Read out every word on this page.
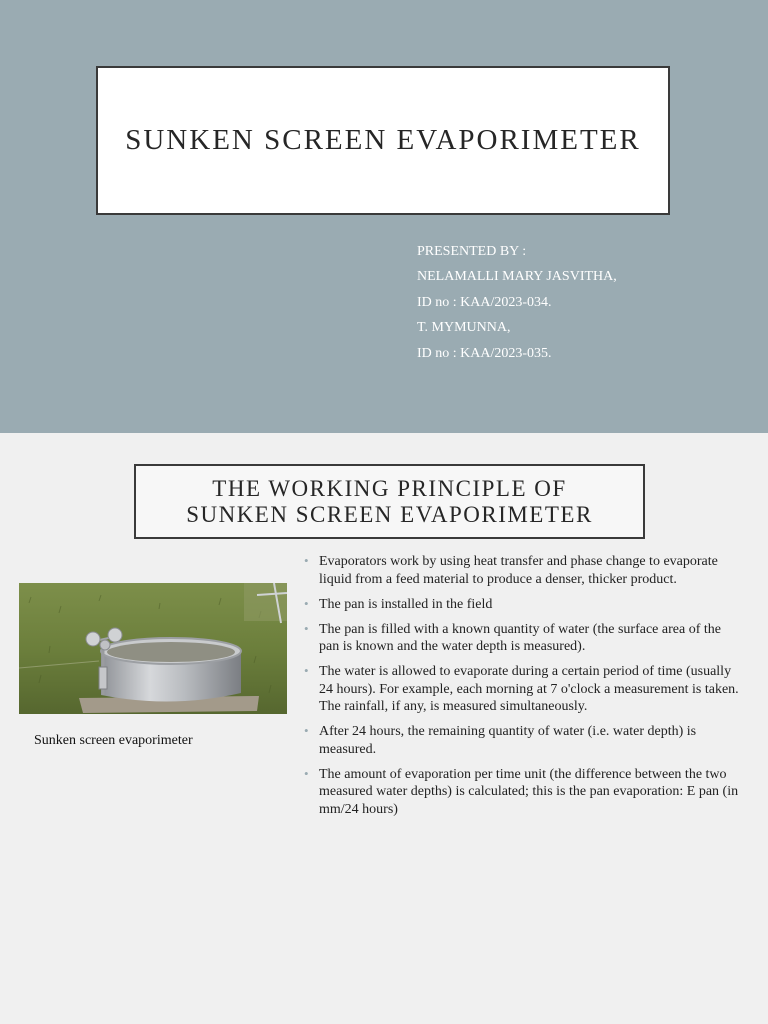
SUNKEN SCREEN EVAPORIMETER
PRESENTED BY :
NELAMALLI MARY JASVITHA,
ID no : KAA/2023-034.
T. MYMUNNA,
ID no : KAA/2023-035.
THE WORKING PRINCIPLE OF
SUNKEN SCREEN EVAPORIMETER
Sunken screen evaporimeter
• Evaporators work by using heat transfer and phase change to evaporate liquid from a feed material to produce a denser, thicker product.
• The pan is installed in the field
• The pan is filled with a known quantity of water (the surface area of the pan is known and the water depth is measured).
• The water is allowed to evaporate during a certain period of time (usually 24 hours). For example, each morning at 7 o'clock a measurement is taken. The rainfall, if any, is measured simultaneously.
• After 24 hours, the remaining quantity of water (i.e. water depth) is measured.
• The amount of evaporation per time unit (the difference between the two measured water depths) is calculated; this is the pan evaporation: E pan (in mm/24 hours)
